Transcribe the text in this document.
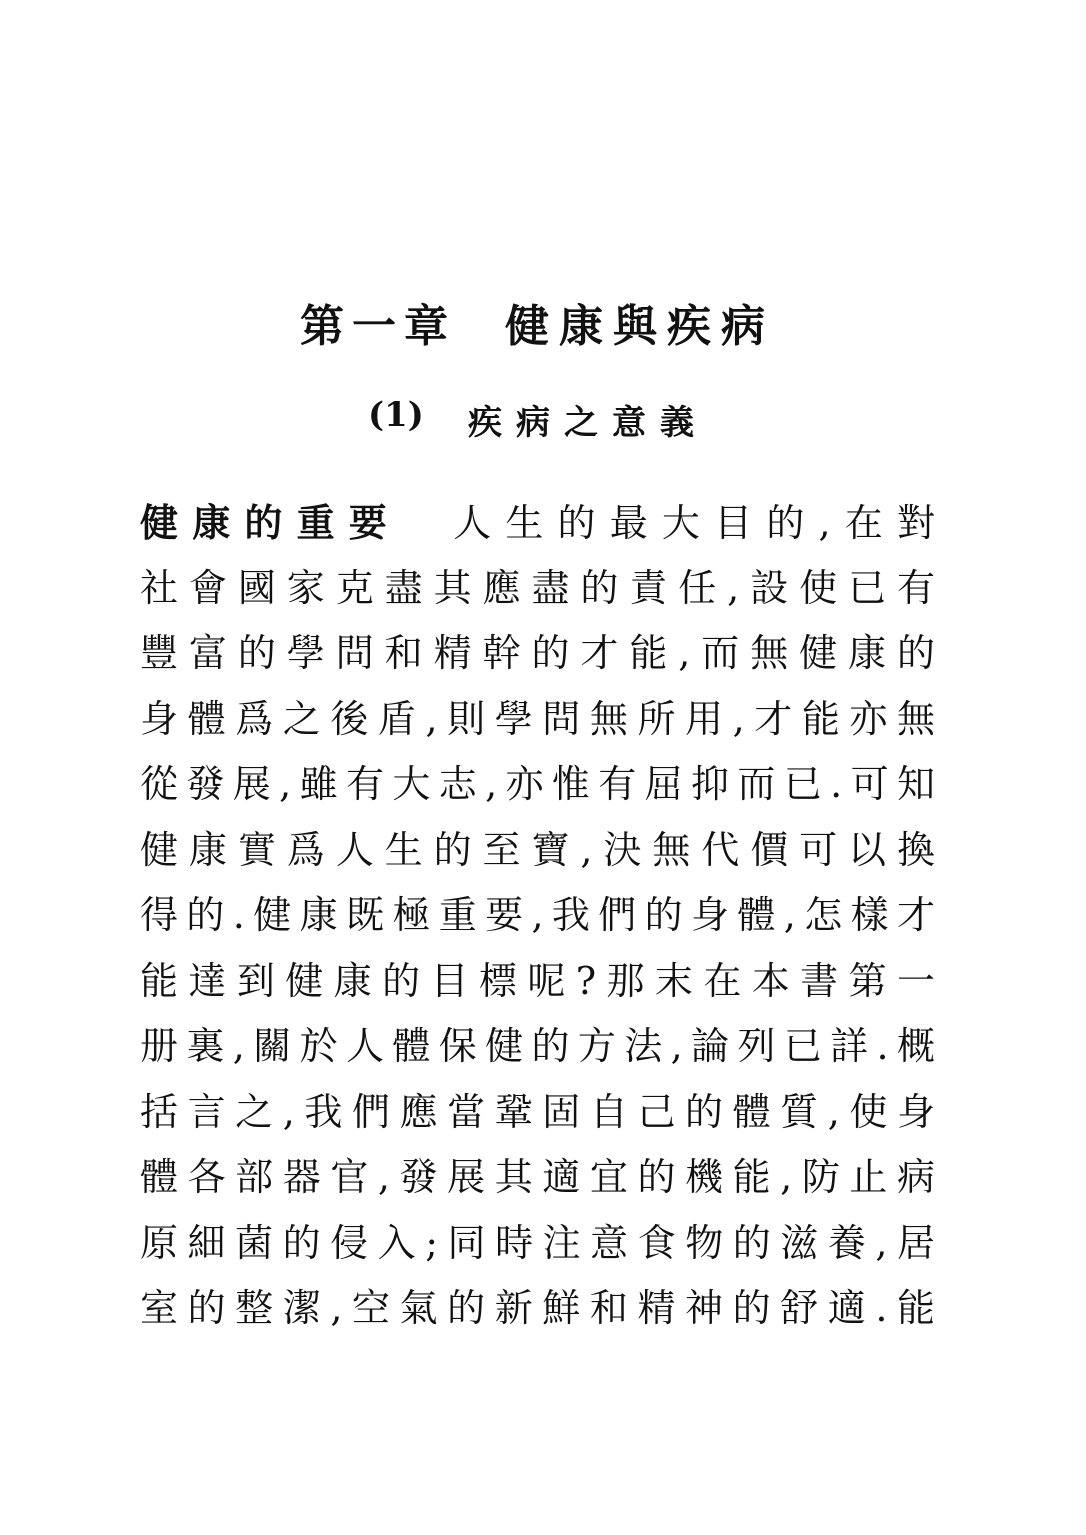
第一章 健康與疾病
(1) 疾病之意義
健康的重要　人生的最大目的,在對
社會國家克盡其應盡的責任,設使已有
豐富的學問和精幹的才能,而無健康的
身體爲之後盾,則學問無所用,才能亦無
從發展,雖有大志,亦惟有屈抑而已.可知
健康實爲人生的至寶,決無代價可以換
得的.健康既極重要,我們的身體,怎樣才
能達到健康的目標呢?那末在本書第一
册裏,關於人體保健的方法,論列已詳.概
括言之,我們應當鞏固自己的體質,使身
體各部器官,發展其適宜的機能,防止病
原細菌的侵入;同時注意食物的滋養,居
室的整潔,空氣的新鮮和精神的舒適.能
